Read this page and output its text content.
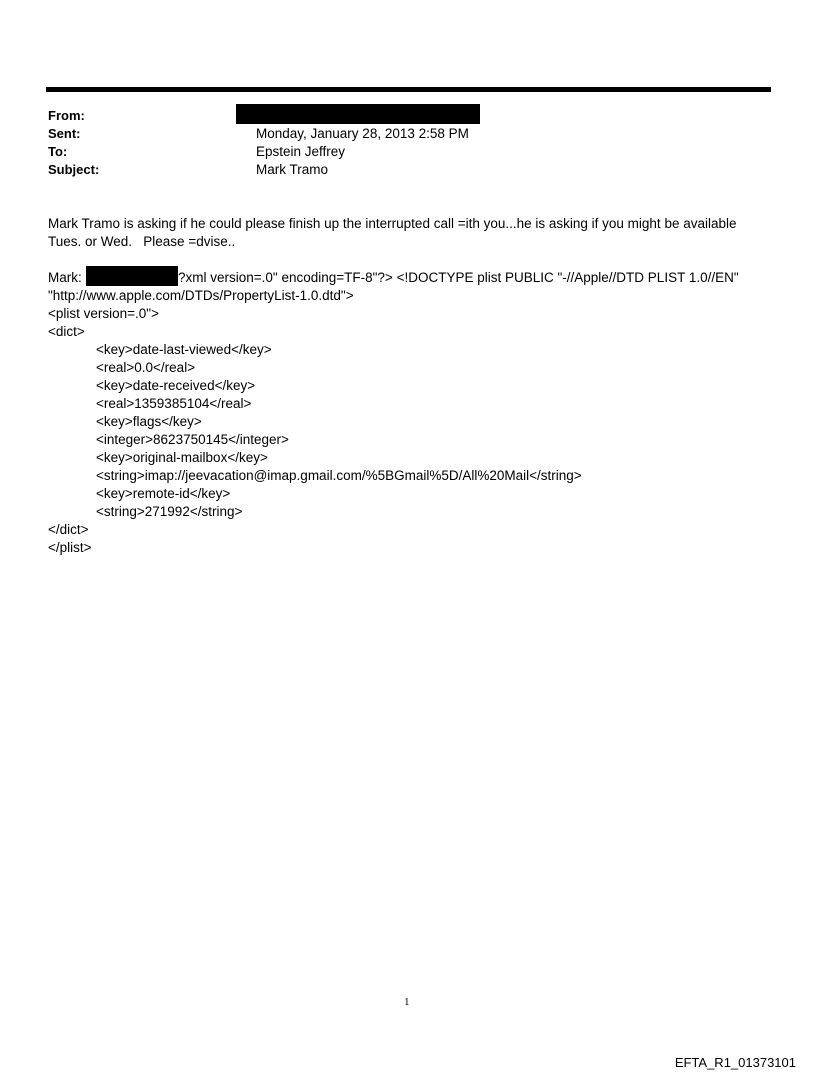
From:
Sent:	Monday, January 28, 2013 2:58 PM
To:	Epstein Jeffrey
Subject:	Mark Tramo
Mark Tramo is asking if he could please finish up the interrupted call =ith you...he is asking if you might be available
Tues. or Wed.   Please =dvise..
Mark:	?xml version=.0" encoding=TF-8"?> <!DOCTYPE plist PUBLIC "-//Apple//DTD PLIST 1.0//EN"
"http://www.apple.com/DTDs/PropertyList-1.0.dtd">
<plist version=.0">
<dict>
<key>date-last-viewed</key>
<real>0.0</real>
<key>date-received</key>
<real>1359385104</real>
<key>flags</key>
<integer>8623750145</integer>
<key>original-mailbox</key>
<string>imap://jeevacation@imap.gmail.com/%5BGmail%5D/All%20Mail</string>
<key>remote-id</key>
<string>271992</string>
</dict>
</plist>
1
EFTA_R1_01373101
